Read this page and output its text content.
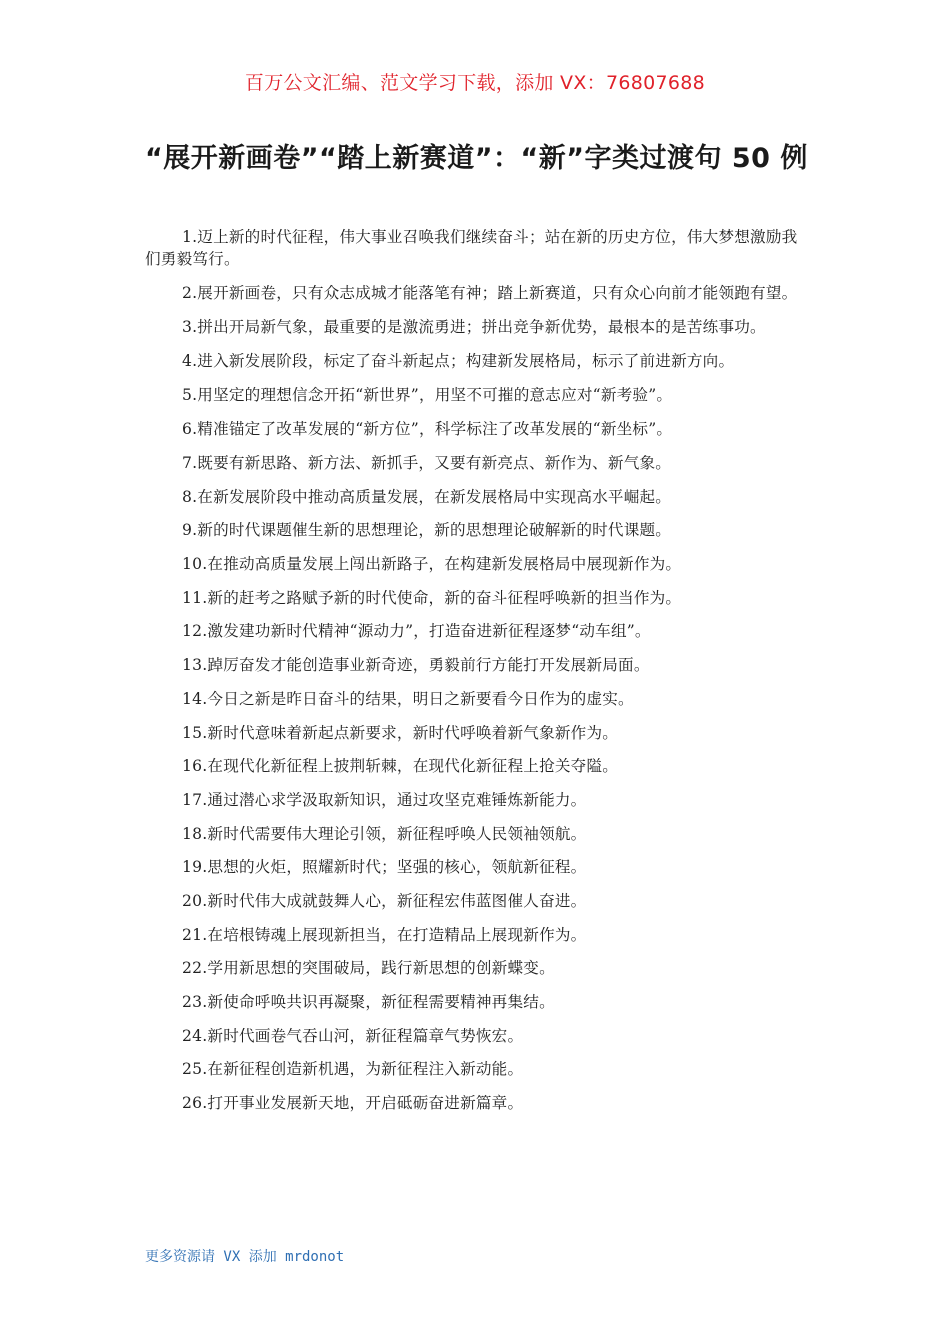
百万公文汇编、范文学习下载，添加 VX：76807688
“展开新画卷”“踏上新赛道”：“新”字类过渡句 50 例

1.迈上新的时代征程，伟大事业召唤我们继续奋斗；站在新的历史方位，伟大梦想激励我们勇毅笃行。

2.展开新画卷，只有众志成城才能落笔有神；踏上新赛道，只有众心向前才能领跑有望。

3.拼出开局新气象，最重要的是激流勇进；拼出竞争新优势，最根本的是苦练事功。

4.进入新发展阶段，标定了奋斗新起点；构建新发展格局，标示了前进新方向。

5.用坚定的理想信念开拓“新世界”，用坚不可摧的意志应对“新考验”。

6.精准锚定了改革发展的“新方位”，科学标注了改革发展的“新坐标”。

7.既要有新思路、新方法、新抓手，又要有新亮点、新作为、新气象。

8.在新发展阶段中推动高质量发展，在新发展格局中实现高水平崛起。

9.新的时代课题催生新的思想理论，新的思想理论破解新的时代课题。

10.在推动高质量发展上闯出新路子，在构建新发展格局中展现新作为。

11.新的赶考之路赋予新的时代使命，新的奋斗征程呼唤新的担当作为。

12.激发建功新时代精神“源动力”，打造奋进新征程逐梦“动车组”。

13.踔厉奋发才能创造事业新奇迹，勇毅前行方能打开发展新局面。

14.今日之新是昨日奋斗的结果，明日之新要看今日作为的虚实。

15.新时代意味着新起点新要求，新时代呼唤着新气象新作为。

16.在现代化新征程上披荆斩棘，在现代化新征程上抢关夺隘。

17.通过潜心求学汲取新知识，通过攻坚克难锤炼新能力。

18.新时代需要伟大理论引领，新征程呼唤人民领袖领航。

19.思想的火炬，照耀新时代；坚强的核心，领航新征程。

20.新时代伟大成就鼓舞人心，新征程宏伟蓝图催人奋进。

21.在培根铸魂上展现新担当，在打造精品上展现新作为。

22.学用新思想的突围破局，践行新思想的创新蝶变。

23.新使命呼唤共识再凝聚，新征程需要精神再集结。

24.新时代画卷气吞山河，新征程篇章气势恢宏。

25.在新征程创造新机遇，为新征程注入新动能。

26.打开事业发展新天地，开启砥砺奋进新篇章。

更多资源请 VX 添加 mrdonot
